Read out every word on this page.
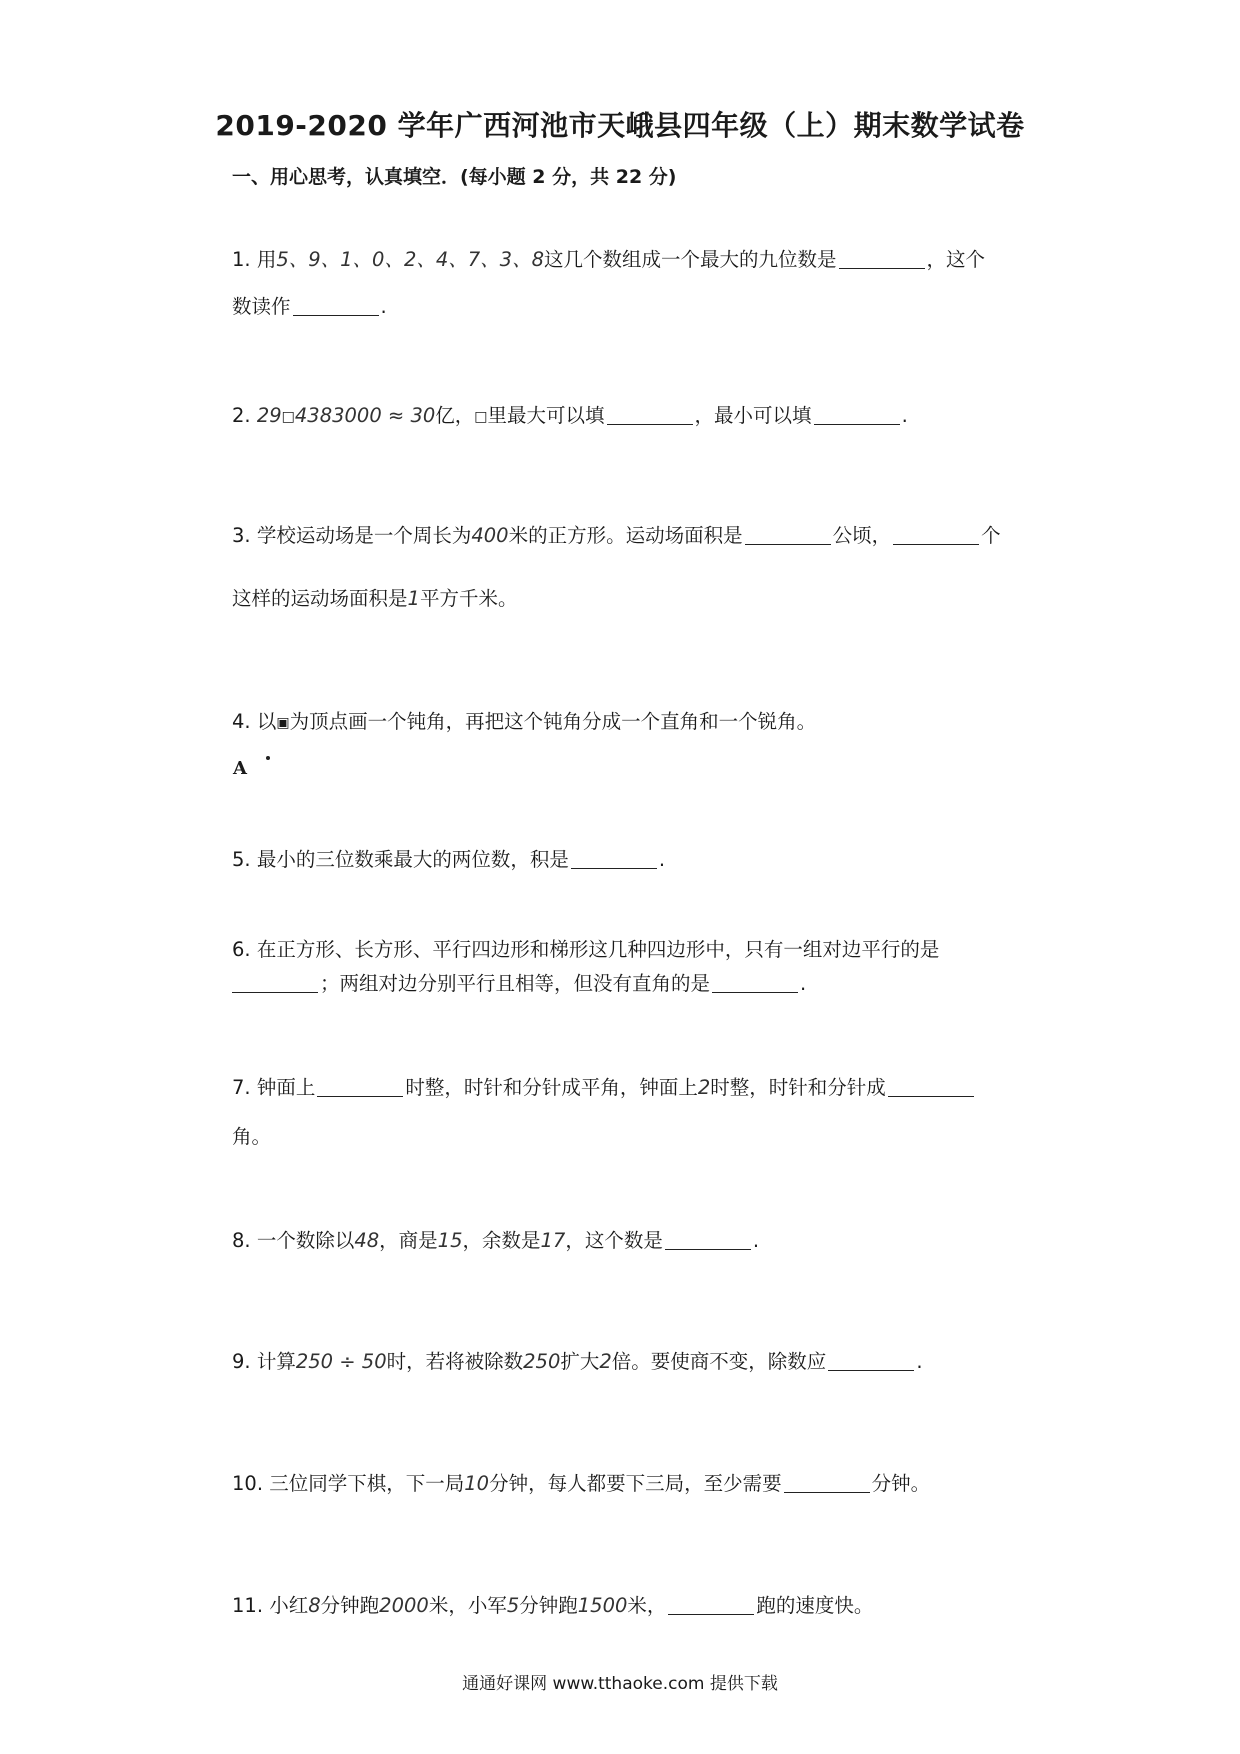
2019-2020 学年广西河池市天峨县四年级（上）期末数学试卷
一、用心思考，认真填空．(每小题 2 分，共 22 分)
1. 用5、9、1、0、2、4、7、3、8这几个数组成一个最大的九位数是	，这个
数读作	.
2. 29□4383000 ≈ 30亿，□里最大可以填	，最小可以填	.
3. 学校运动场是一个周长为400米的正方形。运动场面积是	公顷，	个
这样的运动场面积是1平方千米。
4. 以▣为顶点画一个钝角，再把这个钝角分成一个直角和一个锐角。
A
5. 最小的三位数乘最大的两位数，积是	.
6. 在正方形、长方形、平行四边形和梯形这几种四边形中，只有一组对边平行的是
；两组对边分别平行且相等，但没有直角的是	.
7. 钟面上	时整，时针和分针成平角，钟面上2时整，时针和分针成
角。
8. 一个数除以48，商是15，余数是17，这个数是	.
9. 计算250 ÷ 50时，若将被除数250扩大2倍。要使商不变，除数应	.
10. 三位同学下棋，下一局10分钟，每人都要下三局，至少需要	分钟。
11. 小红8分钟跑2000米，小军5分钟跑1500米，	跑的速度快。
通通好课网 www.tthaoke.com 提供下载
